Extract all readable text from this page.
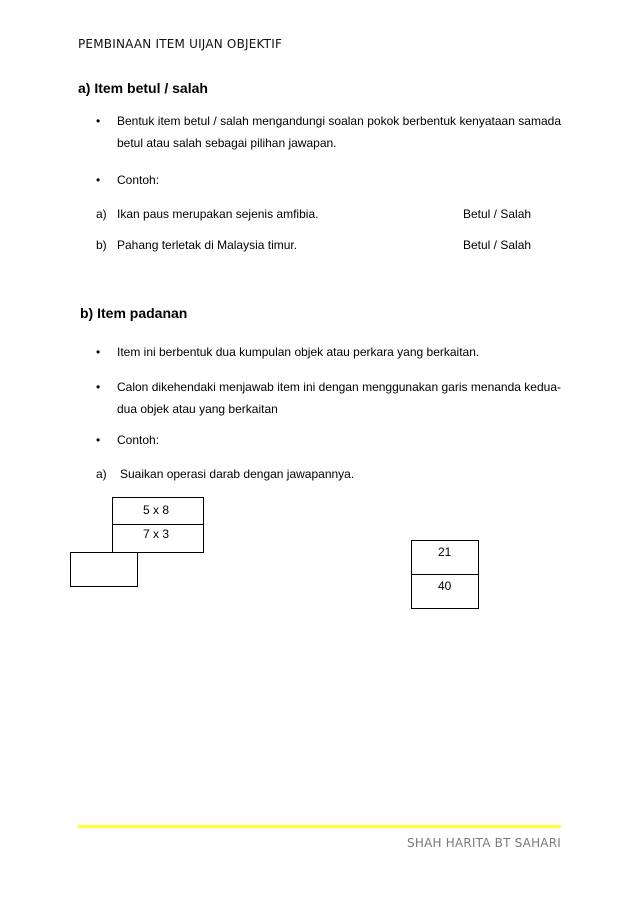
PEMBINAAN ITEM UIJAN OBJEKTIF
a) Item betul / salah
• Bentuk item betul / salah mengandungi soalan pokok berbentuk kenyataan samada betul atau salah sebagai pilihan jawapan.
• Contoh:
a) Ikan paus merupakan sejenis amfibia.	Betul / Salah
b) Pahang terletak di Malaysia timur.	Betul / Salah
b) Item padanan
• Item ini berbentuk dua kumpulan objek atau perkara yang berkaitan.
• Calon dikehendaki menjawab item ini dengan menggunakan garis menanda kedua-dua objek atau yang berkaitan
• Contoh:
a) Suaikan operasi darab dengan jawapannya.
5 x 8
7 x 3
21
40
SHAH HARITA BT SAHARI
